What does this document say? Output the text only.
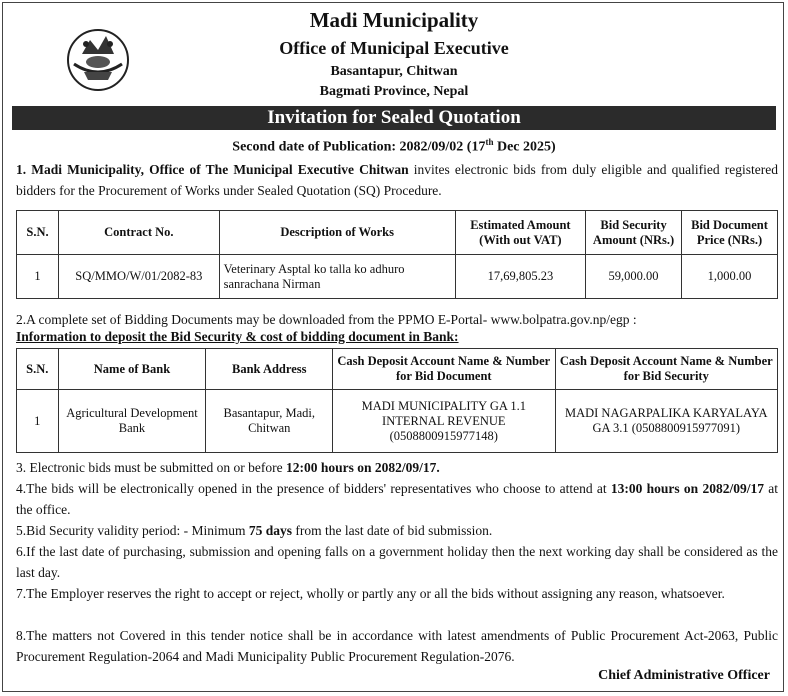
Madi Municipality
Office of Municipal Executive
Basantapur, Chitwan
Bagmati Province, Nepal
Invitation for Sealed Quotation
Second date of Publication: 2082/09/02 (17th Dec 2025)
1. Madi Municipality, Office of The Municipal Executive Chitwan invites electronic bids from duly eligible and qualified registered bidders for the Procurement of Works under Sealed Quotation (SQ) Procedure.
S.N.	Contract No.	Description of Works	Estimated Amount (With out VAT)	Bid Security Amount (NRs.)	Bid Document Price (NRs.)
1	SQ/MMO/W/01/2082-83	Veterinary Asptal ko talla ko adhuro sanrachana Nirman	17,69,805.23	59,000.00	1,000.00
2.A complete set of Bidding Documents may be downloaded from the PPMO E-Portal- www.bolpatra.gov.np/egp :
Information to deposit the Bid Security & cost of bidding document in Bank:
S.N.	Name of Bank	Bank Address	Cash Deposit Account Name & Number for Bid Document	Cash Deposit Account Name & Number for Bid Security
1	Agricultural Development Bank	Basantapur, Madi, Chitwan	MADI MUNICIPALITY GA 1.1 INTERNAL REVENUE (0508800915977148)	MADI NAGARPALIKA KARYALAYA GA 3.1 (0508800915977091)
3. Electronic bids must be submitted on or before 12:00 hours on 2082/09/17.
4.The bids will be electronically opened in the presence of bidders' representatives who choose to attend at 13:00 hours on 2082/09/17 at the office.
5.Bid Security validity period: - Minimum 75 days from the last date of bid submission.
6.If the last date of purchasing, submission and opening falls on a government holiday then the next working day shall be considered as the last day.
7.The Employer reserves the right to accept or reject, wholly or partly any or all the bids without assigning any reason, whatsoever.
8.The matters not Covered in this tender notice shall be in accordance with latest amendments of Public Procurement Act-2063, Public Procurement Regulation-2064 and Madi Municipality Public Procurement Regulation-2076.
Chief Administrative Officer
